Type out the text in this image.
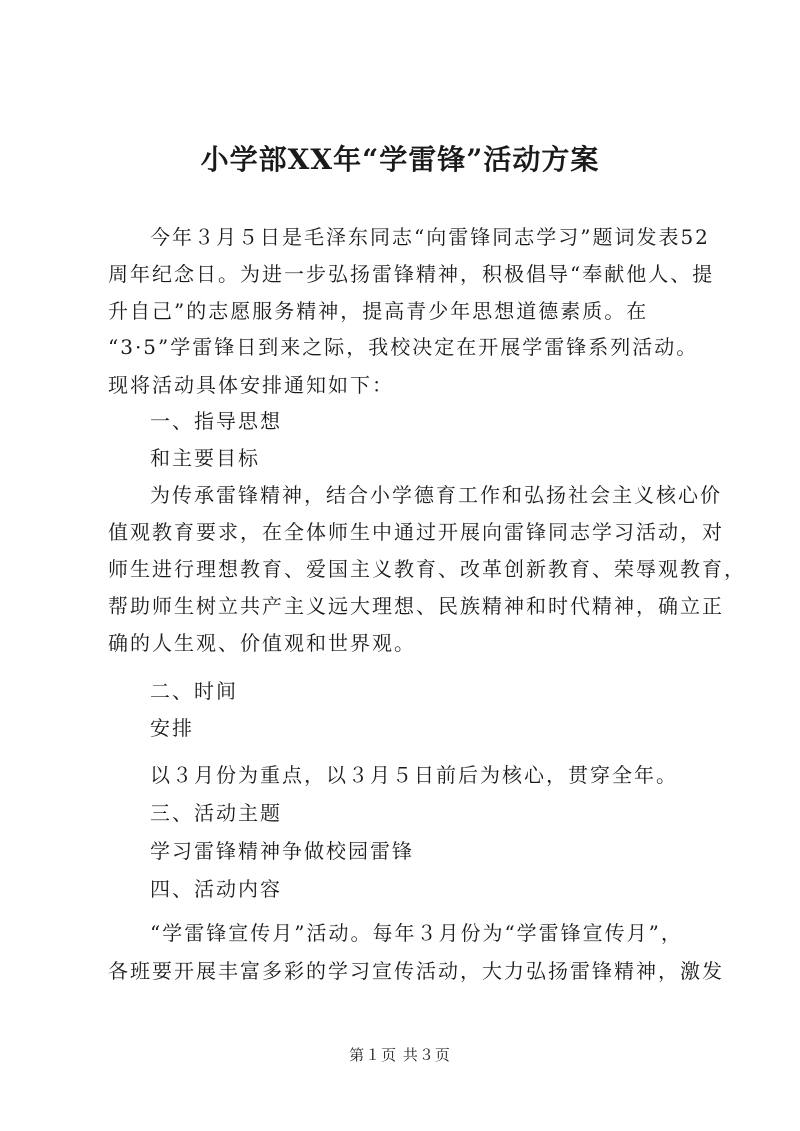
小学部XX年“学雷锋”活动方案
今年３月５日是毛泽东同志“向雷锋同志学习”题词发表52
周年纪念日。为进一步弘扬雷锋精神，积极倡导“奉献他人、提
升自己”的志愿服务精神，提高青少年思想道德素质。在
“3·5”学雷锋日到来之际，我校决定在开展学雷锋系列活动。
现将活动具体安排通知如下：
一、指导思想
和主要目标
为传承雷锋精神，结合小学德育工作和弘扬社会主义核心价
值观教育要求，在全体师生中通过开展向雷锋同志学习活动，对
师生进行理想教育、爱国主义教育、改革创新教育、荣辱观教育，
帮助师生树立共产主义远大理想、民族精神和时代精神，确立正
确的人生观、价值观和世界观。
二、时间
安排
以３月份为重点，以３月５日前后为核心，贯穿全年。
三、活动主题
学习雷锋精神争做校园雷锋
四、活动内容
“学雷锋宣传月”活动。每年３月份为“学雷锋宣传月”，
各班要开展丰富多彩的学习宣传活动，大力弘扬雷锋精神，激发
第１页 共３页
